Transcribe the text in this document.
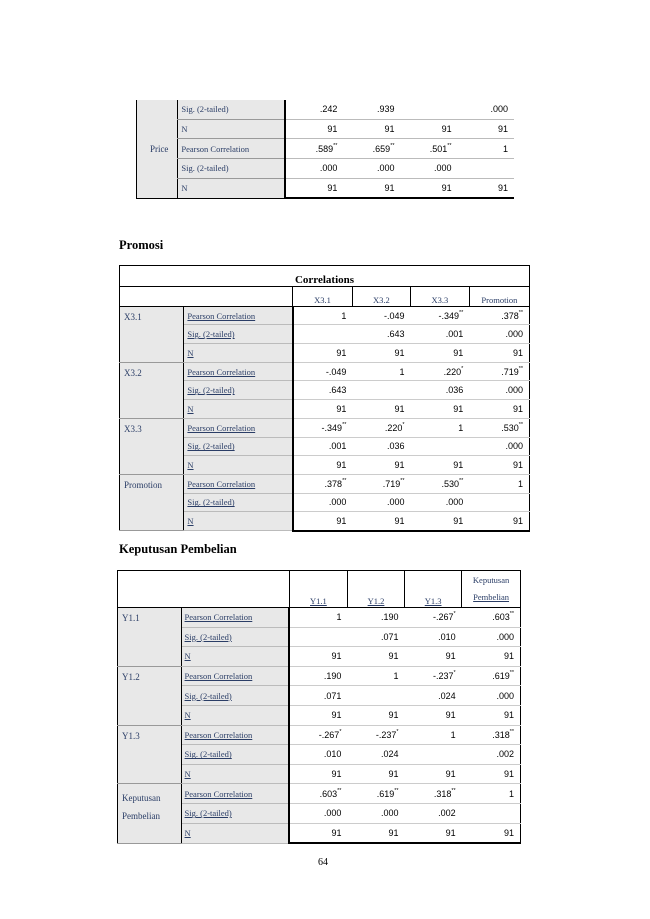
	Sig. (2-tailed)	.242	.939		.000
	N	91	91	91	91
Price	Pearson Correlation	.589**	.659**	.501**	1
	Sig. (2-tailed)	.000	.000	.000	
	N	91	91	91	91
Promosi
Correlations					
		X3.1	X3.2	X3.3	Promotion
X3.1	Pearson Correlation	1	-.049	-.349**	.378**
	Sig. (2-tailed)		.643	.001	.000
	N	91	91	91	91
X3.2	Pearson Correlation	-.049	1	.220*	.719**
	Sig. (2-tailed)	.643		.036	.000
	N	91	91	91	91
X3.3	Pearson Correlation	-.349**	.220*	1	.530**
	Sig. (2-tailed)	.001	.036		.000
	N	91	91	91	91
Promotion	Pearson Correlation	.378**	.719**	.530**	1
	Sig. (2-tailed)	.000	.000	.000	
	N	91	91	91	91
Keputusan Pembelian
		Y1.1	Y1.2	Y1.3	Keputusan
Pembelian

Y1.1	Pearson Correlation	1	.190	-.267*	.603**
	Sig. (2-tailed)		.071	.010	.000
	N	91	91	91	91
Y1.2	Pearson Correlation	.190	1	-.237*	.619**
	Sig. (2-tailed)	.071		.024	.000
	N	91	91	91	91
Y1.3	Pearson Correlation	-.267*	-.237*	1	.318**
	Sig. (2-tailed)	.010	.024		.002
	N	91	91	91	91

Keputusan
Pembelian	Pearson Correlation	.603**	.619**	.318**	1
	Sig. (2-tailed)	.000	.000	.002	
	N	91	91	91	91
64
